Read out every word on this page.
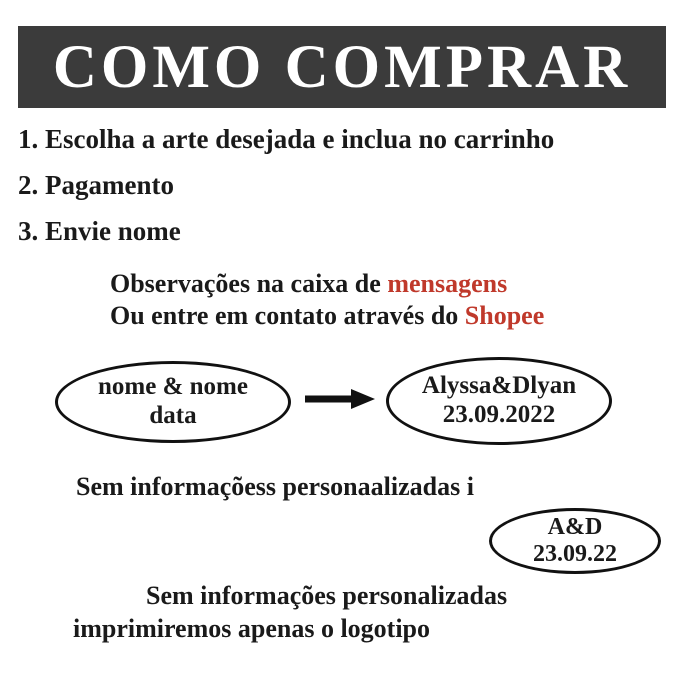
COMO COMPRAR
1. Escolha a arte desejada e inclua no carrinho
2. Pagamento
3. Envie nome
Observações na caixa de mensagens
Ou entre em contato através do Shopee
nome & nome
data
Alyssa&Dlyan
23.09.2022
Sem informaçõess personaalizadas i
A&D
23.09.22
Sem informações personalizadas
imprimiremos apenas o logotipo
